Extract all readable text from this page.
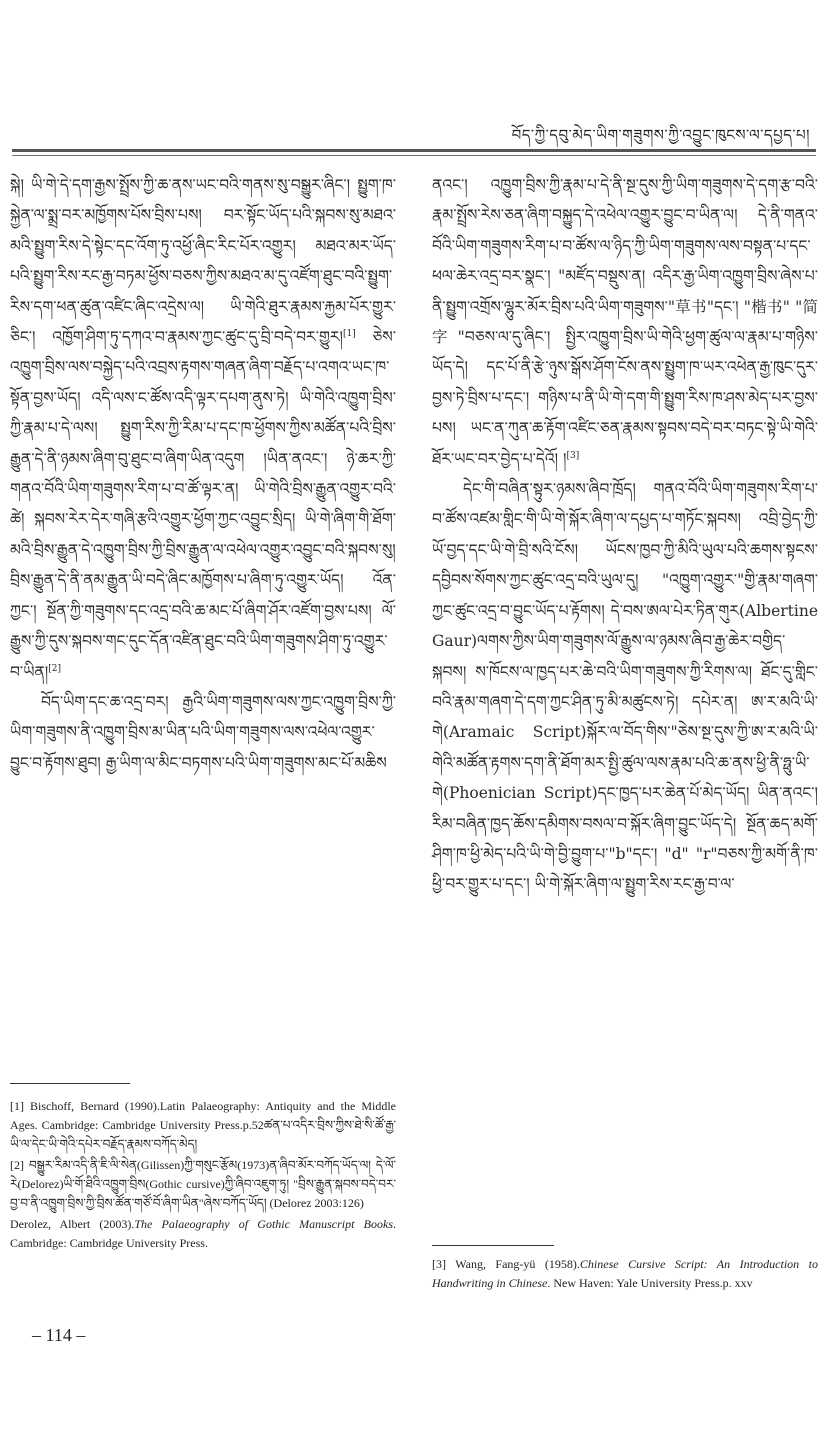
བོད་ཀྱི་དབུ་མེད་ཡིག་གཟུགས་ཀྱི་འབྱུང་ཁུངས་ལ་དཔྱད་པ།

སྐེ། ཡི་གེ་དེ་དག་རྒྱས་སྤྲོས་ཀྱི་ཆ་ནས་ཡང་བའི་གནས་སུ་བསྒྱུར་ཞིང་། སྤྱུག་ཁ་སྐྱེན་ལ་སྨྲ་བར་མཁྱོགས་པོས་བྲིས་པས། བར་སྟོང་ཡོད་པའི་སྐབས་སུ་མཐའ་མའི་སྤྱུག་རིས་དེ་སྟེང་དང་འོག་ཏུ་འཕྱོ་ཞིང་རིང་པོར་འགྱུར། མཐའ་མར་ཡོད་པའི་སྤྱུག་རིས་རང་རྒྱ་བཏམ་ཕྱོས་བཅས་ཀྱིས་མཐའ་མ་དུ་འཛོག་ཐུང་བའི་སྤྱུག་རིས་དག་ཕན་ཚུན་འཛིང་ཞིང་འདྲེས་ལ། ཡི་གེའི་ཐུར་རྣམས་རྐྱམ་པོར་གྱུར་ཅིང་། འཁྱོག་ཤིག་ཏུ་དཀའ་བ་རྣམས་ཀྱང་ཚུང་དུ་བྲི་བདེ་བར་གྱུར།[1] ཅེས་འཁྱུག་བྲིས་ལས་བསྐྱེད་པའི་འབྲས་རྟགས་གཞན་ཞིག་བརྗོད་པ་འགའ་ཡང་ཁ་སྟོན་བྱས་ཡོད། འདི་ལས་ང་ཚོས་འདི་ལྟར་དཔག་ནུས་ཏེ། ཡི་གེའི་འཁྱུག་བྲིས་ཀྱི་རྣམ་པ་དེ་ལས། སྤྱུག་རིས་ཀྱི་རིམ་པ་དང་ཁ་ཕྱོགས་ཀྱིས་མཚོན་པའི་བྲིས་རྒྱུན་དེ་ནི་ཉམས་ཞིག་བུ་ཐུང་བ་ཞིག་ཡིན་འདུག །ཡིན་ནའང་། ཉེ་ཆར་ཀྱི་གནའ་བོའི་ཡིག་གཟུགས་རིག་པ་བ་ཚོ་ལྟར་ན། ཡི་གེའི་བྲིས་རྒྱུན་འགྱུར་བའི་ཚེ། སྐབས་རེར་དེར་གཞི་རྩའི་འགྱུར་ཕྱོག་ཀྱང་འབྱུང་སྲིད། ཡི་གེ་ཞིག་གི་ཐོག་མའི་བྲིས་རྒྱུན་དེ་འཁྱུག་བྲིས་ཀྱི་བྲིས་རྒྱུན་ལ་འཕེལ་འགྱུར་འབྱུང་བའི་སྐབས་སུ། བྲིས་རྒྱུན་དེ་ནི་ནམ་རྒྱུན་ཡི་བདེ་ཞིང་མཁྱོགས་པ་ཞིག་ཏུ་འགྱུར་ཡོད། འོན་ཀྱང་། སྔོན་ཀྱི་གཟུགས་དང་འདྲ་བའི་ཆ་མང་པོ་ཞིག་ཤོར་འཛོག་བྱས་པས། ལོ་རྒྱུས་ཀྱི་དུས་སྐབས་གང་དུང་དོན་འཛིན་ཐུང་བའི་ཡིག་གཟུགས་ཤིག་ཏུ་འགྱུར་བ་ཡིན།[2]

བོད་ཡིག་དང་ཆ་འདྲ་བར། རྒྱའི་ཡིག་གཟུགས་ལས་ཀྱང་འཁྱུག་བྲིས་ཀྱི་ཡིག་གཟུགས་ནི་འཁྱུག་བྲིས་མ་ཡིན་པའི་ཡིག་གཟུགས་ལས་འཕེལ་འགྱུར་བྱུང་བ་རྟོགས་ཐུབ། རྒྱ་ཡིག་ལ་མིང་བཏགས་པའི་ཡིག་གཟུགས་མང་པོ་མཆིས

ནའང་། འཁྱུག་བྲིས་ཀྱི་རྣམ་པ་དེ་ནི་སྔ་དུས་ཀྱི་ཡིག་གཟུགས་དེ་དག་རྩ་བའི་རྣམ་སྤྲོས་རེས་ཅན་ཞིག་བསྐྱུད་དེ་འཕེལ་འགྱུར་བྱུང་བ་ཡིན་ལ། དེ་ནི་གནའ་བོའི་ཡིག་གཟུགས་རིག་པ་བ་ཚོས་ལ་ཉིད་ཀྱི་ཡིག་གཟུགས་ལས་བསྟན་པ་དང་ཕལ་ཆེར་འདྲ་བར་སྣང་། "མཛོད་བསྡུས་ན། འདིར་རྒྱ་ཡིག་འཁྱུག་བྲིས་ཞེས་པ་ནི་སྤྱུག་འགྲོས་ལྷུར་མོར་བྲིས་པའི་ཡིག་གཟུགས་"草书"དང་། "楷书" "简字"བཅས་ལ་དུ་ཞིང་། སྤྱིར་འཁྱུག་བྲིས་ཡི་གེའི་ཕྱག་ཚུལ་ལ་རྣམ་པ་གཉིས་ཡོད་དེ། དང་པོ་ནི་རྩེ་ཉུས་སྒོས་ཤོག་ངོས་ནས་སྤྱུག་ཁ་ཡར་འཕེན་རྒྱ་ཁུང་དུར་བྱས་ཏེ་བྲིས་པ་དང་། གཉིས་པ་ནི་ཡི་གེ་དག་གི་སྤྱུག་རིས་ཁ་ཤས་མེད་པར་བྱས་པས། ཡང་ན་ཀུན་ཆ་རྟོག་འཛིང་ཅན་རྣམས་སྟབས་བདེ་བར་བཏང་སྟེ་ཡི་གེའི་ཐོར་ཡང་བར་བྱེད་པ་དེའོ། །[3]

དེང་གི་བཞིན་སྟུར་ཉམས་ཞིབ་ཁྲོད། གནའ་བོའི་ཡིག་གཟུགས་རིག་པ་བ་ཚོས་འཛམ་གླིང་གི་ཡི་གེ་སྐོར་ཞིག་ལ་དཔྱད་པ་གཏོང་སྐབས། འབྲི་བྱེད་ཀྱི་ཡོ་བྱད་དང་ཡི་གེ་བྲི་སའི་ངོས། ཡོངས་ཁྱབ་ཀྱི་མིའི་ཡུལ་པའི་ཆགས་སྟངས་དབྱིབས་སོགས་ཀྱང་ཚུང་འདྲ་བའི་ཡུལ་དུ། "འཁྱུག་འགྱུར་"གྱི་རྣམ་གཞག་ཀྱང་ཚུང་འདྲ་བ་བྱུང་ཡོད་པ་རྟོགས། དེ་བས་ཨལ་པེར་ཏིན་གུར(Albertine Gaur)ལགས་ཀྱིས་ཡིག་གཟུགས་ལོ་རྒྱུས་ལ་ཉམས་ཞིབ་རྒྱ་ཆེར་བགྱིད་སྐབས། ས་ཁོངས་ལ་ཁྱད་པར་ཆེ་བའི་ཡིག་གཟུགས་ཀྱི་རིགས་ལ། ཐོང་དུ་གླིང་བའི་རྣམ་གཞག་དེ་དག་ཀྱང་ཤིན་ཏུ་མི་མཚུངས་ཏེ། དཔེར་ན། ཨ་ར་མའི་ཡི་གེ(Aramaic Script)སྐོར་ལ་བོད་གིས་"ཅེས་སྔ་དུས་ཀྱི་ཨ་ར་མའི་ཡི་གེའི་མཚོན་རྟགས་དག་ནི་ཐོག་མར་སྤྱི་ཚུལ་ལས་རྣམ་པའི་ཆ་ནས་ཕྱི་ནི་ཧྥུ་ཡི་གེ(Phoenician Script)དང་ཁྱད་པར་ཆེན་པོ་མེད་ཡོད། ཡིན་ནའང་། རིམ་བཞིན་ཁྱད་ཆོས་དམིགས་བསལ་བ་སྐོར་ཞིག་བྱུང་ཡོད་དེ། སྔོན་ཆད་མགོ་ཤིག་ཁ་ཕྱི་མེད་པའི་ཡི་གེ་བྱི་བྱུག་པ་"b"དང་། "d" "r"བཅས་ཀྱི་མགོ་ནི་ཁ་ཕྱི་བར་གྱུར་པ་དང་། ཡི་གེ་སྐོར་ཞིག་ལ་སྤྱུག་རིས་རང་རྒྱ་བ་ལ་

[1] Bischoff, Bernard (1990).Latin Palaeography: Antiquity and the Middle Ages. Cambridge: Cambridge University Press.p.52ཚན་པ་འདིར་བྲིས་ཀྱིས་ཐེ་སི་ཚོ་རྒྱ་ཡི་ལ་དེང་ཡི་གེའི་དཔེར་བརྗོད་རྣམས་བཀོད་མེད།

[2] བསྒྱུར་རིམ་འདི་ནི་ཇི་ལི་སེན(Gilissen)ཀྱི་གསུང་རྩོམ(1973)ན་ཞིབ་མོར་བཀོད་ཡོད་ལ། དེ་ལོ་རེ(Delorez)ཡི་གོ་ཐིའི་འཁྱུག་བྲིས(Gothic cursive)ཀྱི་ཞིབ་འཇུག་ཏུ། "བྲིས་རྒྱུན་སྐབས་བདེ་བར་བྱ་བ་ནི་འཁྱུག་བྲིས་ཀྱི་བྲིས་ཚོན་གཙོ་བོ་ཞིག་ཡིན"ཞེས་བཀོད་ཡོད། (Delorez 2003:126)

Derolez, Albert (2003).The Palaeography of Gothic Manuscript Books. Cambridge: Cambridge University Press.

[3] Wang, Fang-yü (1958).Chinese Cursive Script: An Introduction to Handwriting in Chinese. New Haven: Yale University Press.p. xxv

– 114 –
